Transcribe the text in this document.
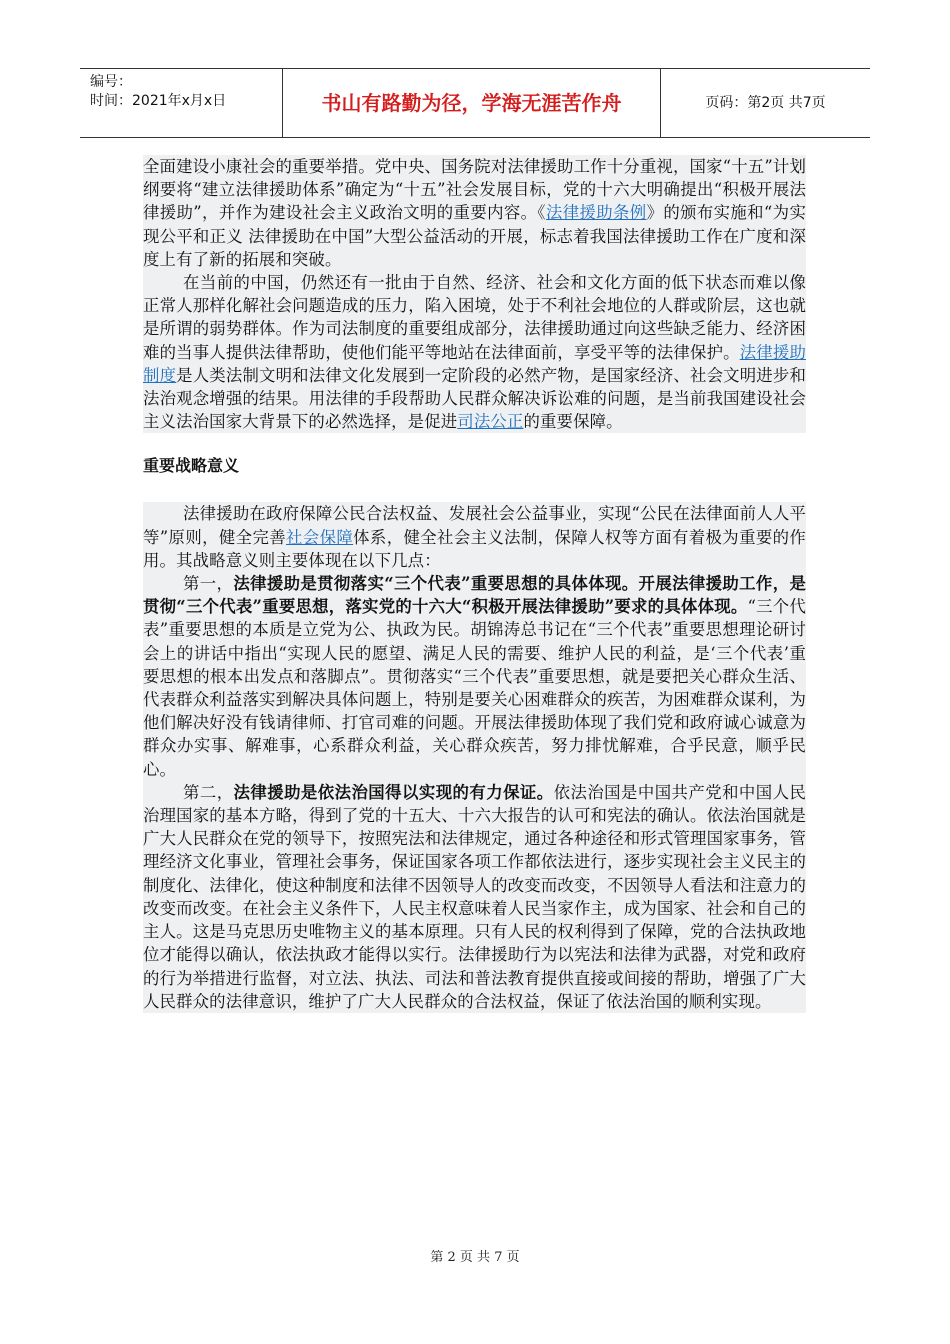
编号：
时间：2021年x月x日	书山有路勤为径，学海无涯苦作舟	页码：第2页 共7页

全面建设小康社会的重要举措。党中央、国务院对法律援助工作十分重视，国家“十五”计划纲要将“建立法律援助体系”确定为“十五”社会发展目标，党的十六大明确提出“积极开展法律援助”，并作为建设社会主义政治文明的重要内容。《法律援助条例》的颁布实施和“为实现公平和正义 法律援助在中国”大型公益活动的开展，标志着我国法律援助工作在广度和深度上有了新的拓展和突破。

在当前的中国，仍然还有一批由于自然、经济、社会和文化方面的低下状态而难以像正常人那样化解社会问题造成的压力，陷入困境，处于不利社会地位的人群或阶层，这也就是所谓的弱势群体。作为司法制度的重要组成部分，法律援助通过向这些缺乏能力、经济困难的当事人提供法律帮助，使他们能平等地站在法律面前，享受平等的法律保护。法律援助制度是人类法制文明和法律文化发展到一定阶段的必然产物，是国家经济、社会文明进步和法治观念增强的结果。用法律的手段帮助人民群众解决诉讼难的问题，是当前我国建设社会主义法治国家大背景下的必然选择，是促进司法公正的重要保障。

重要战略意义

法律援助在政府保障公民合法权益、发展社会公益事业，实现“公民在法律面前人人平等”原则，健全完善社会保障体系，健全社会主义法制，保障人权等方面有着极为重要的作用。其战略意义则主要体现在以下几点：

第一，法律援助是贯彻落实“三个代表”重要思想的具体体现。开展法律援助工作，是贯彻“三个代表”重要思想，落实党的十六大“积极开展法律援助”要求的具体体现。“三个代表”重要思想的本质是立党为公、执政为民。胡锦涛总书记在“三个代表”重要思想理论研讨会上的讲话中指出“实现人民的愿望、满足人民的需要、维护人民的利益，是‘三个代表’重要思想的根本出发点和落脚点”。贯彻落实“三个代表”重要思想，就是要把关心群众生活、代表群众利益落实到解决具体问题上，特别是要关心困难群众的疾苦，为困难群众谋利，为他们解决好没有钱请律师、打官司难的问题。开展法律援助体现了我们党和政府诚心诚意为群众办实事、解难事，心系群众利益，关心群众疾苦，努力排忧解难，合乎民意，顺乎民心。

第二，法律援助是依法治国得以实现的有力保证。依法治国是中国共产党和中国人民治理国家的基本方略，得到了党的十五大、十六大报告的认可和宪法的确认。依法治国就是广大人民群众在党的领导下，按照宪法和法律规定，通过各种途径和形式管理国家事务，管理经济文化事业，管理社会事务，保证国家各项工作都依法进行，逐步实现社会主义民主的制度化、法律化，使这种制度和法律不因领导人的改变而改变，不因领导人看法和注意力的改变而改变。在社会主义条件下，人民主权意味着人民当家作主，成为国家、社会和自己的主人。这是马克思历史唯物主义的基本原理。只有人民的权利得到了保障，党的合法执政地位才能得以确认，依法执政才能得以实行。法律援助行为以宪法和法律为武器，对党和政府的行为举措进行监督，对立法、执法、司法和普法教育提供直接或间接的帮助，增强了广大人民群众的法律意识，维护了广大人民群众的合法权益，保证了依法治国的顺利实现。

第 2 页 共 7 页
